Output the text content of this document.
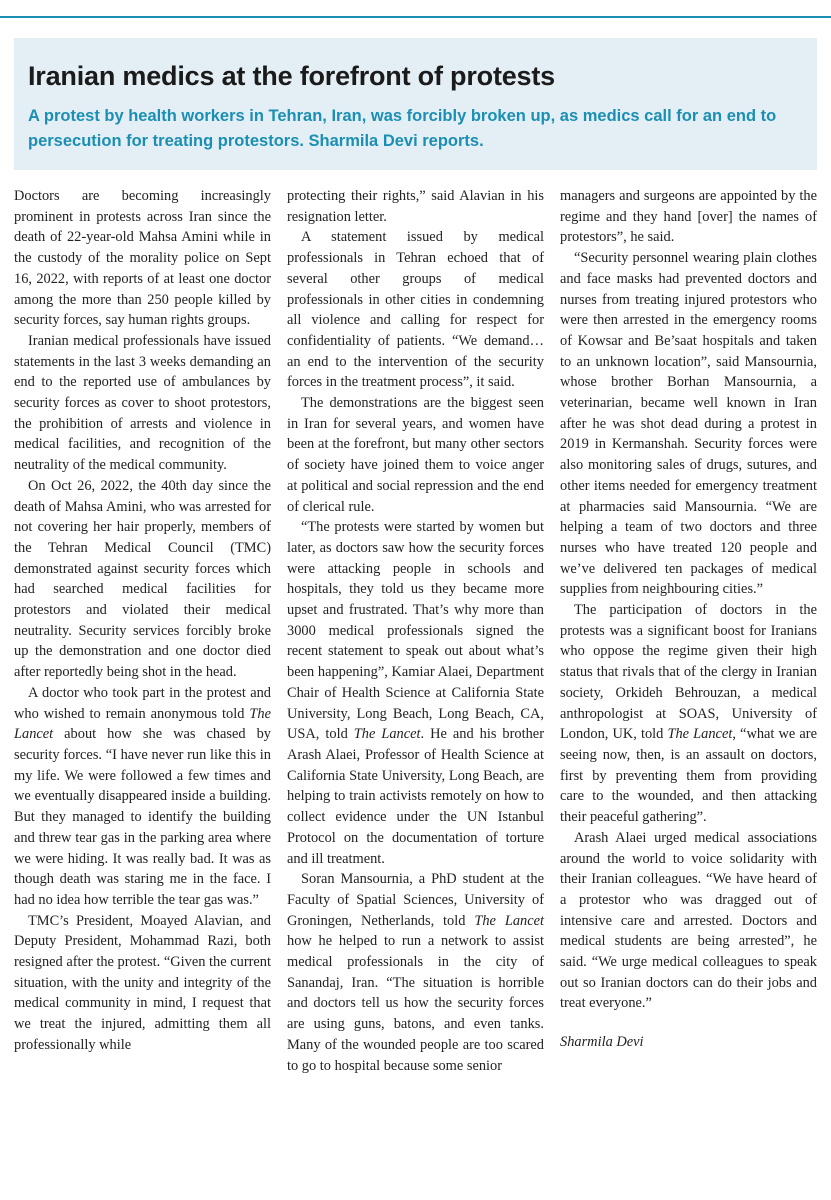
Iranian medics at the forefront of protests

A protest by health workers in Tehran, Iran, was forcibly broken up, as medics call for an end to persecution for treating protestors. Sharmila Devi reports.

Doctors are becoming increasingly prominent in protests across Iran since the death of 22-year-old Mahsa Amini while in the custody of the morality police on Sept 16, 2022, with reports of at least one doctor among the more than 250 people killed by security forces, say human rights groups.

Iranian medical professionals have issued statements in the last 3 weeks demanding an end to the reported use of ambulances by security forces as cover to shoot protestors, the prohibition of arrests and violence in medical facilities, and recognition of the neutrality of the medical community.

On Oct 26, 2022, the 40th day since the death of Mahsa Amini, who was arrested for not covering her hair properly, members of the Tehran Medical Council (TMC) demonstrated against security forces which had searched medical facilities for protestors and violated their medical neutrality. Security services forcibly broke up the demonstration and one doctor died after reportedly being shot in the head.

A doctor who took part in the protest and who wished to remain anonymous told The Lancet about how she was chased by security forces. “I have never run like this in my life. We were followed a few times and we eventually disappeared inside a building. But they managed to identify the building and threw tear gas in the parking area where we were hiding. It was really bad. It was as though death was staring me in the face. I had no idea how terrible the tear gas was.”

TMC’s President, Moayed Alavian, and Deputy President, Mohammad Razi, both resigned after the protest. “Given the current situation, with the unity and integrity of the medical community in mind, I request that we treat the injured, admitting them all professionally while

protecting their rights,” said Alavian in his resignation letter.

A statement issued by medical professionals in Tehran echoed that of several other groups of medical professionals in other cities in condemning all violence and calling for respect for confidentiality of patients. “We demand…an end to the intervention of the security forces in the treatment process”, it said.

The demonstrations are the biggest seen in Iran for several years, and women have been at the forefront, but many other sectors of society have joined them to voice anger at political and social repression and the end of clerical rule.

“The protests were started by women but later, as doctors saw how the security forces were attacking people in schools and hospitals, they told us they became more upset and frustrated. That’s why more than 3000 medical professionals signed the recent statement to speak out about what’s been happening”, Kamiar Alaei, Department Chair of Health Science at California State University, Long Beach, Long Beach, CA, USA, told The Lancet. He and his brother Arash Alaei, Professor of Health Science at California State University, Long Beach, are helping to train activists remotely on how to collect evidence under the UN Istanbul Protocol on the documentation of torture and ill treatment.

Soran Mansournia, a PhD student at the Faculty of Spatial Sciences, University of Groningen, Netherlands, told The Lancet how he helped to run a network to assist medical professionals in the city of Sanandaj, Iran. “The situation is horrible and doctors tell us how the security forces are using guns, batons, and even tanks. Many of the wounded people are too scared to go to hospital because some senior

managers and surgeons are appointed by the regime and they hand [over] the names of protestors”, he said.

“Security personnel wearing plain clothes and face masks had prevented doctors and nurses from treating injured protestors who were then arrested in the emergency rooms of Kowsar and Be’saat hospitals and taken to an unknown location”, said Mansournia, whose brother Borhan Mansournia, a veterinarian, became well known in Iran after he was shot dead during a protest in 2019 in Kermanshah. Security forces were also monitoring sales of drugs, sutures, and other items needed for emergency treatment at pharmacies said Mansournia. “We are helping a team of two doctors and three nurses who have treated 120 people and we’ve delivered ten packages of medical supplies from neighbouring cities.”

The participation of doctors in the protests was a significant boost for Iranians who oppose the regime given their high status that rivals that of the clergy in Iranian society, Orkideh Behrouzan, a medical anthropologist at SOAS, University of London, UK, told The Lancet, “what we are seeing now, then, is an assault on doctors, first by preventing them from providing care to the wounded, and then attacking their peaceful gathering”.

Arash Alaei urged medical associations around the world to voice solidarity with their Iranian colleagues. “We have heard of a protestor who was dragged out of intensive care and arrested. Doctors and medical students are being arrested”, he said. “We urge medical colleagues to speak out so Iranian doctors can do their jobs and treat everyone.”

Sharmila Devi
